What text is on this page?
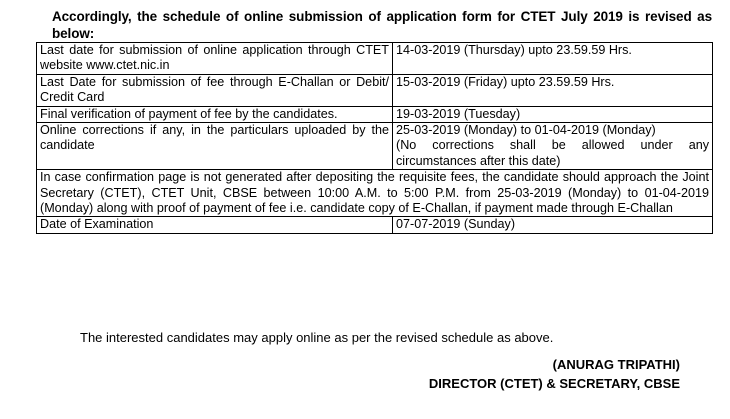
Accordingly, the schedule of online submission of application form for CTET July 2019 is revised as below:
Last date for submission of online application through CTET website www.ctet.nic.in	14-03-2019 (Thursday) upto 23.59.59 Hrs.
Last Date for submission of fee through E-Challan or Debit/ Credit Card	15-03-2019 (Friday) upto 23.59.59 Hrs.
Final verification of payment of fee by the candidates.	19-03-2019 (Tuesday)
Online corrections if any, in the particulars uploaded by the candidate	25-03-2019 (Monday) to 01-04-2019 (Monday)
(No corrections shall be allowed under any circumstances after this date)

In case confirmation page is not generated after depositing the requisite fees, the candidate should approach the Joint Secretary (CTET), CTET Unit, CBSE between 10:00 A.M. to 5:00 P.M. from 25-03-2019 (Monday) to 01-04-2019 (Monday) along with proof of payment of fee i.e. candidate copy of E-Challan, if payment made through E-Challan	
Date of Examination	07-07-2019 (Sunday)
The interested candidates may apply online as per the revised schedule as above.
(ANURAG TRIPATHI)
DIRECTOR (CTET) & SECRETARY, CBSE
